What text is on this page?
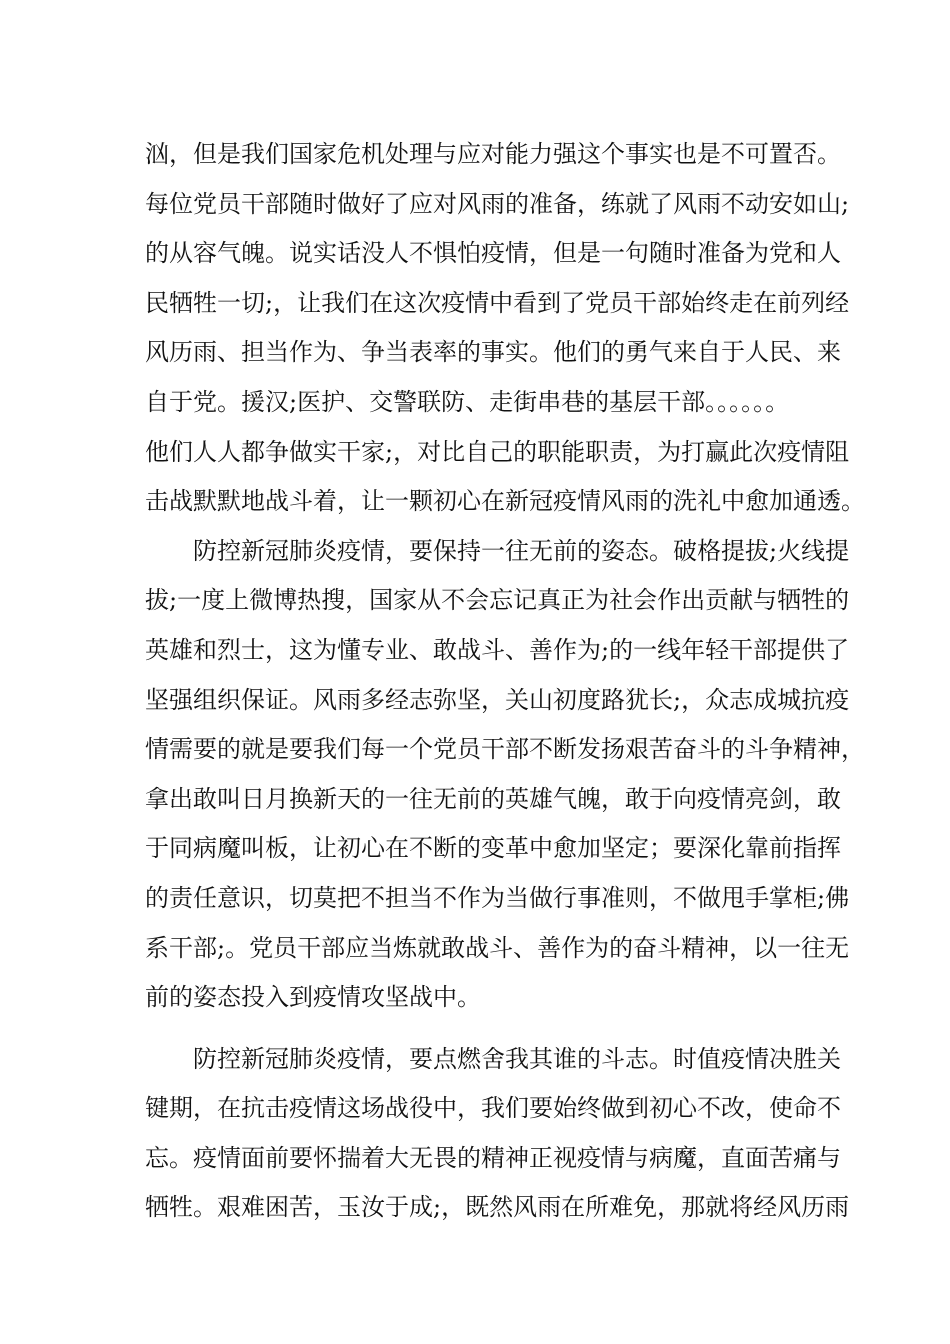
汹，但是我们国家危机处理与应对能力强这个事实也是不可置否。
每位党员干部随时做好了应对风雨的准备，练就了风雨不动安如山;
的从容气魄。说实话没人不惧怕疫情，但是一句随时准备为党和人
民牺牲一切;，让我们在这次疫情中看到了党员干部始终走在前列经
风历雨、担当作为、争当表率的事实。他们的勇气来自于人民、来
自于党。援汉;医护、交警联防、走街串巷的基层干部。。。。。。
他们人人都争做实干家;，对比自己的职能职责，为打赢此次疫情阻
击战默默地战斗着，让一颗初心在新冠疫情风雨的洗礼中愈加通透。
防控新冠肺炎疫情，要保持一往无前的姿态。破格提拔;火线提
拔;一度上微博热搜，国家从不会忘记真正为社会作出贡献与牺牲的
英雄和烈士，这为懂专业、敢战斗、善作为;的一线年轻干部提供了
坚强组织保证。风雨多经志弥坚，关山初度路犹长;，众志成城抗疫
情需要的就是要我们每一个党员干部不断发扬艰苦奋斗的斗争精神，
拿出敢叫日月换新天的一往无前的英雄气魄，敢于向疫情亮剑，敢
于同病魔叫板，让初心在不断的变革中愈加坚定；要深化靠前指挥
的责任意识，切莫把不担当不作为当做行事准则，不做甩手掌柜;佛
系干部;。党员干部应当炼就敢战斗、善作为的奋斗精神，以一往无
前的姿态投入到疫情攻坚战中。
防控新冠肺炎疫情，要点燃舍我其谁的斗志。时值疫情决胜关
键期，在抗击疫情这场战役中，我们要始终做到初心不改，使命不
忘。疫情面前要怀揣着大无畏的精神正视疫情与病魔，直面苦痛与
牺牲。艰难困苦，玉汝于成;，既然风雨在所难免，那就将经风历雨
